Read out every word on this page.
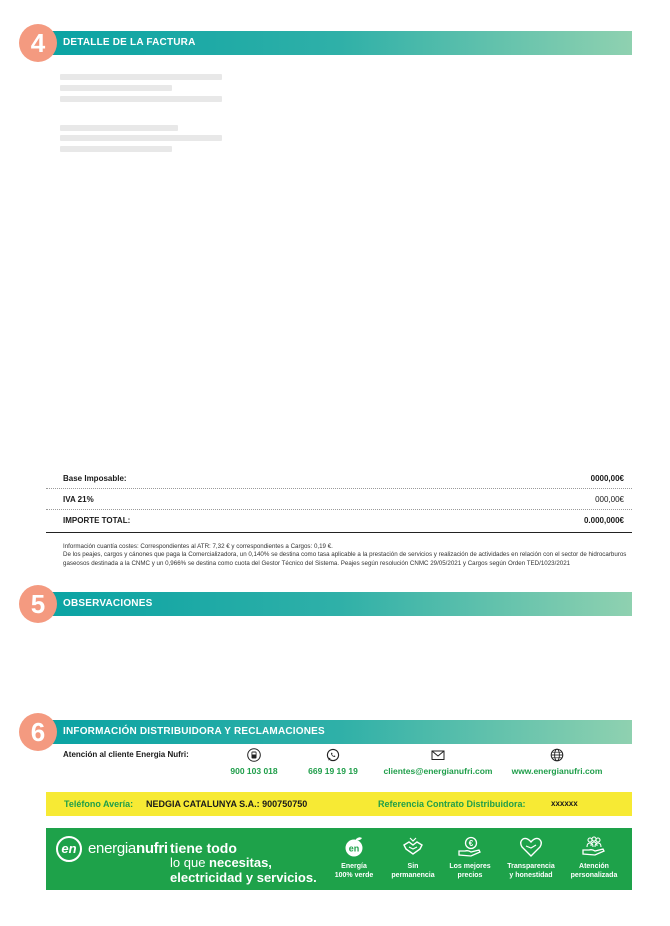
DETALLE DE LA FACTURA
4
Base Imposable:	0000,00€
IVA 21%	000,00€
IMPORTE TOTAL:	0.000,000€
Información cuantía costes: Correspondientes al ATR: 7,32 € y correspondientes a Cargos: 0,19 €.
De los peajes, cargos y cánones que paga la Comercializadora, un 0,140% se destina como tasa aplicable a la prestación de servicios y realización de actividades en relación con el sector de hidrocarburos gaseosos destinada a la CNMC y un 0,966% se destina como cuota del Gestor Técnico del Sistema. Peajes según resolución CNMC 29/05/2021 y Cargos según Orden TED/1023/2021
OBSERVACIONES
5
INFORMACIÓN DISTRIBUIDORA Y RECLAMACIONES
6
Atención al cliente Energia Nufri:
900 103 018	669 19 19 19	clientes@energianufri.com	www.energianufri.com
Teléfono Avería: NEDGIA CATALUNYA S.A.: 900750750	Referencia Contrato Distribuidora:	xxxxxx
en energianufri tiene todo
lo que necesitas,
electricidad y servicios.
en
Energía
100% verde
Sin
permanencia
€
Los mejores
precios
Transparencia
y honestidad
Atención
personalizada
